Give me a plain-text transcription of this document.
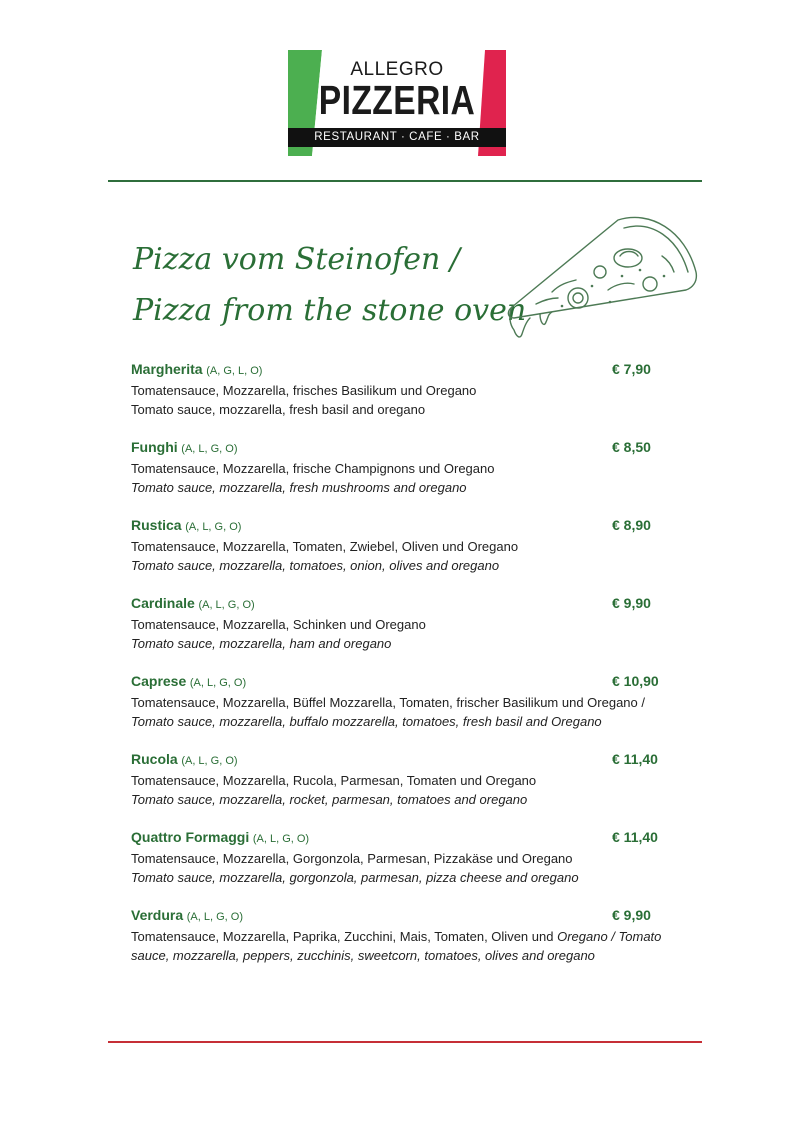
ALLEGRO
PIZZERIA
RESTAURANT · CAFE · BAR
Pizza vom Steinofen /
Pizza from the stone oven
Margherita (A, G, L, O)	€ 7,90
Tomatensauce, Mozzarella, frisches Basilikum und Oregano
Tomato sauce, mozzarella, fresh basil and oregano
Funghi (A, L, G, O)	€ 8,50
Tomatensauce, Mozzarella, frische Champignons und Oregano
Tomato sauce, mozzarella, fresh mushrooms and oregano
Rustica (A, L, G, O)	€ 8,90
Tomatensauce, Mozzarella, Tomaten, Zwiebel, Oliven und Oregano
Tomato sauce, mozzarella, tomatoes, onion, olives and oregano
Cardinale (A, L, G, O)	€ 9,90
Tomatensauce, Mozzarella, Schinken und Oregano
Tomato sauce, mozzarella, ham and oregano
Caprese (A, L, G, O)	€ 10,90
Tomatensauce, Mozzarella, Büffel Mozzarella, Tomaten, frischer Basilikum und Oregano / Tomato sauce, mozzarella, buffalo mozzarella, tomatoes, fresh basil and Oregano
Rucola (A, L, G, O)	€ 11,40
Tomatensauce, Mozzarella, Rucola, Parmesan, Tomaten und Oregano
Tomato sauce, mozzarella, rocket, parmesan, tomatoes and oregano
Quattro Formaggi (A, L, G, O)	€ 11,40
Tomatensauce, Mozzarella, Gorgonzola, Parmesan, Pizzakäse und Oregano
Tomato sauce, mozzarella, gorgonzola, parmesan, pizza cheese and oregano
Verdura (A, L, G, O)	€ 9,90
Tomatensauce, Mozzarella, Paprika, Zucchini, Mais, Tomaten, Oliven und Oregano / Tomato sauce, mozzarella, peppers, zucchinis, sweetcorn, tomatoes, olives and oregano
